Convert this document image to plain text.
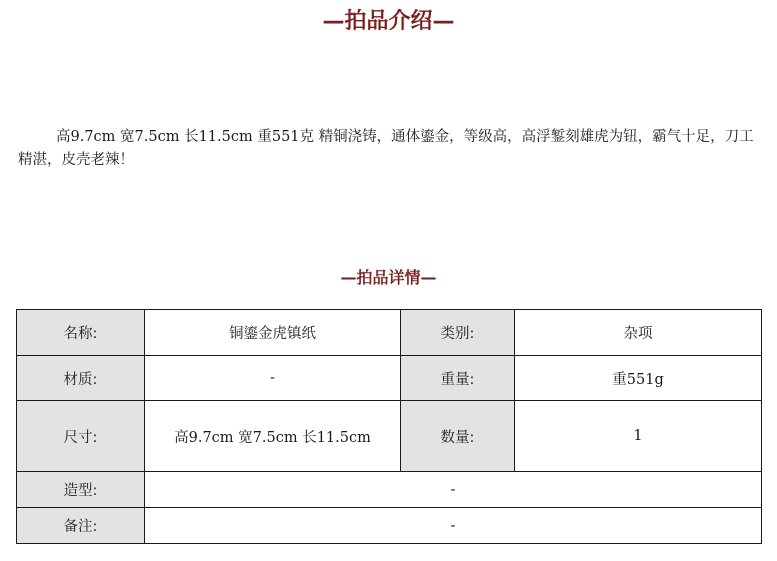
—拍品介绍—

高9.7cm 宽7.5cm 长11.5cm 重551克 精铜浇铸，通体鎏金，等级高，高浮錾刻雄虎为钮，霸气十足，刀工精湛，皮壳老辣！

—拍品详情—
名称:	铜鎏金虎镇纸	类别:	杂项
材质:	-	重量:	重551g
尺寸:	高9.7cm 宽7.5cm 长11.5cm	数量:	1
造型:	-		
备注:	-		
